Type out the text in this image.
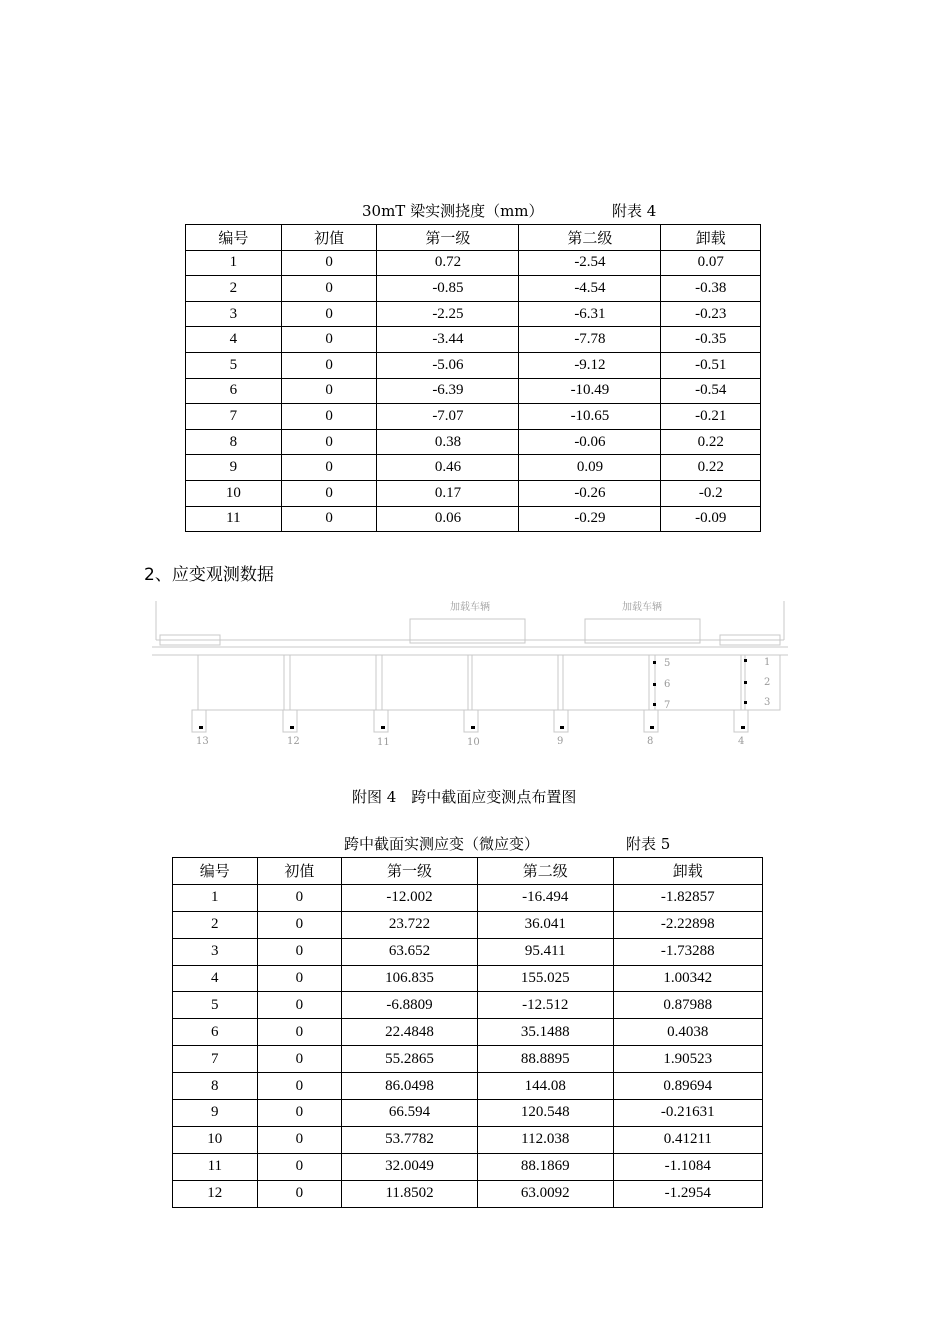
30mT 梁实测挠度（mm）	附表 4
编号	初值	第一级	第二级	卸载
1	0	0.72	-2.54	0.07
2	0	-0.85	-4.54	-0.38
3	0	-2.25	-6.31	-0.23
4	0	-3.44	-7.78	-0.35
5	0	-5.06	-9.12	-0.51
6	0	-6.39	-10.49	-0.54
7	0	-7.07	-10.65	-0.21
8	0	0.38	-0.06	0.22
9	0	0.46	0.09	0.22
10	0	0.17	-0.26	-0.2
11	0	0.06	-0.29	-0.09
2、应变观测数据
加载车辆	加载车辆
13	12	11	10	9	8	4
5
6
7
1
2
3
附图 4　跨中截面应变测点布置图
跨中截面实测应变（微应变）	附表 5
编号	初值	第一级	第二级	卸载
1	0	-12.002	-16.494	-1.82857
2	0	23.722	36.041	-2.22898
3	0	63.652	95.411	-1.73288
4	0	106.835	155.025	1.00342
5	0	-6.8809	-12.512	0.87988
6	0	22.4848	35.1488	0.4038
7	0	55.2865	88.8895	1.90523
8	0	86.0498	144.08	0.89694
9	0	66.594	120.548	-0.21631
10	0	53.7782	112.038	0.41211
11	0	32.0049	88.1869	-1.1084
12	0	11.8502	63.0092	-1.2954
